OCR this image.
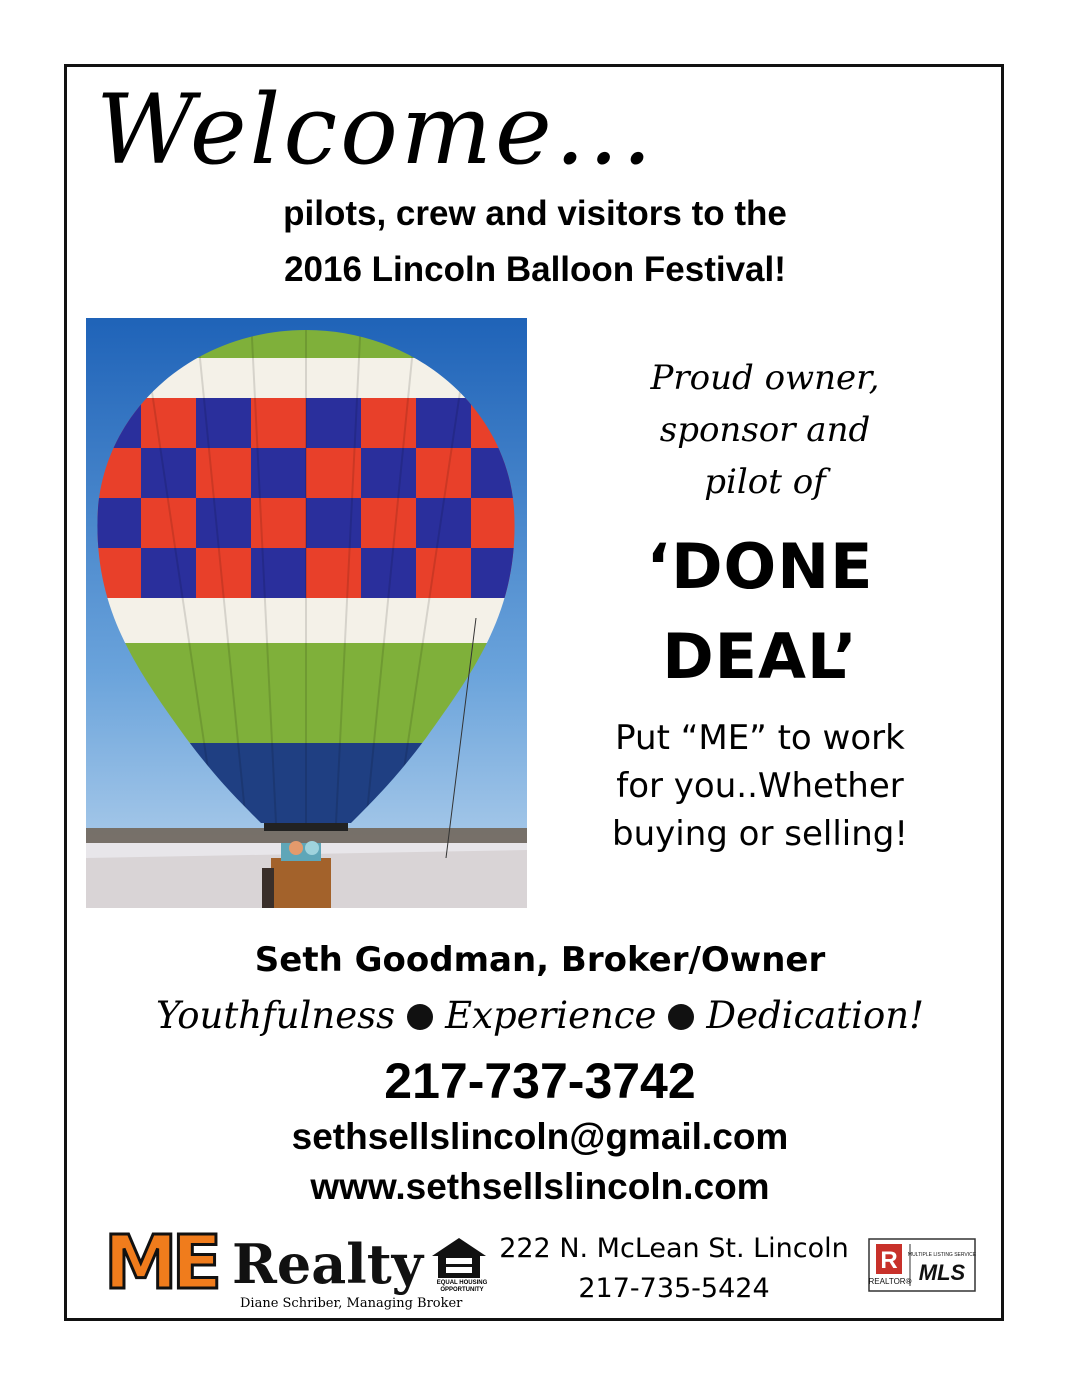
Welcome...
pilots, crew and visitors to the
2016 Lincoln Balloon Festival!
Proud owner,
sponsor and
pilot of
‘DONE DEAL’
Put “ME” to work
for you..Whether
buying or selling!
Seth Goodman, Broker/Owner
Youthfulness Experience Dedication!
217-737-3742
sethsellslincoln@gmail.com
www.sethsellslincoln.com
ME Realty	EQUAL HOUSING OPPORTUNITY
Diane Schriber, Managing Broker
222 N. McLean St. Lincoln
217-735-5424
R
REALTOR®
MULTIPLE LISTING SERVICE
MLS
